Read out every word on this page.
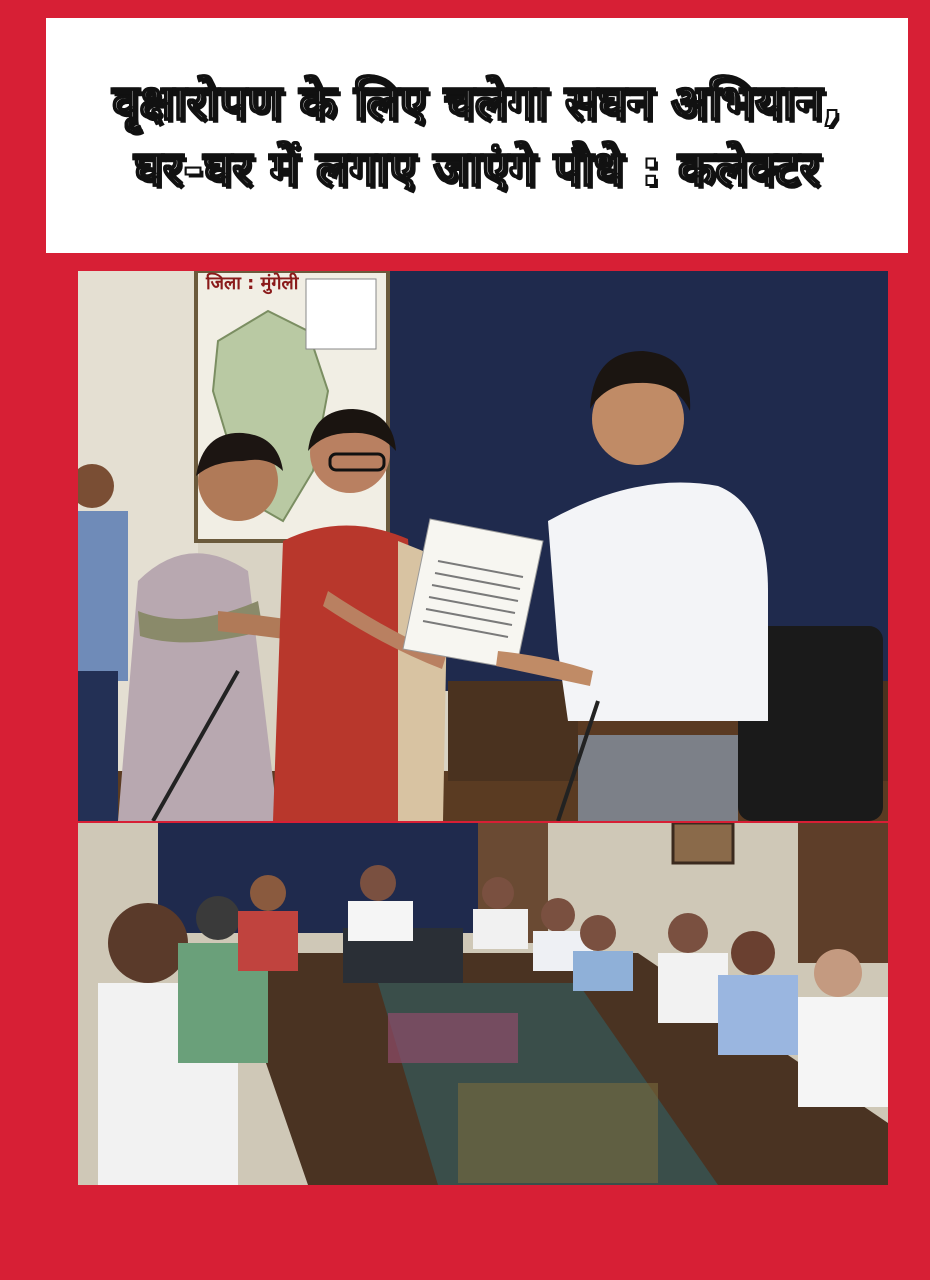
वृक्षारोपण के लिए चलेगा सघन अभियान, घर-घर में लगाए जाएंगे पौधे : कलेक्टर
जिला : मुंगेली
